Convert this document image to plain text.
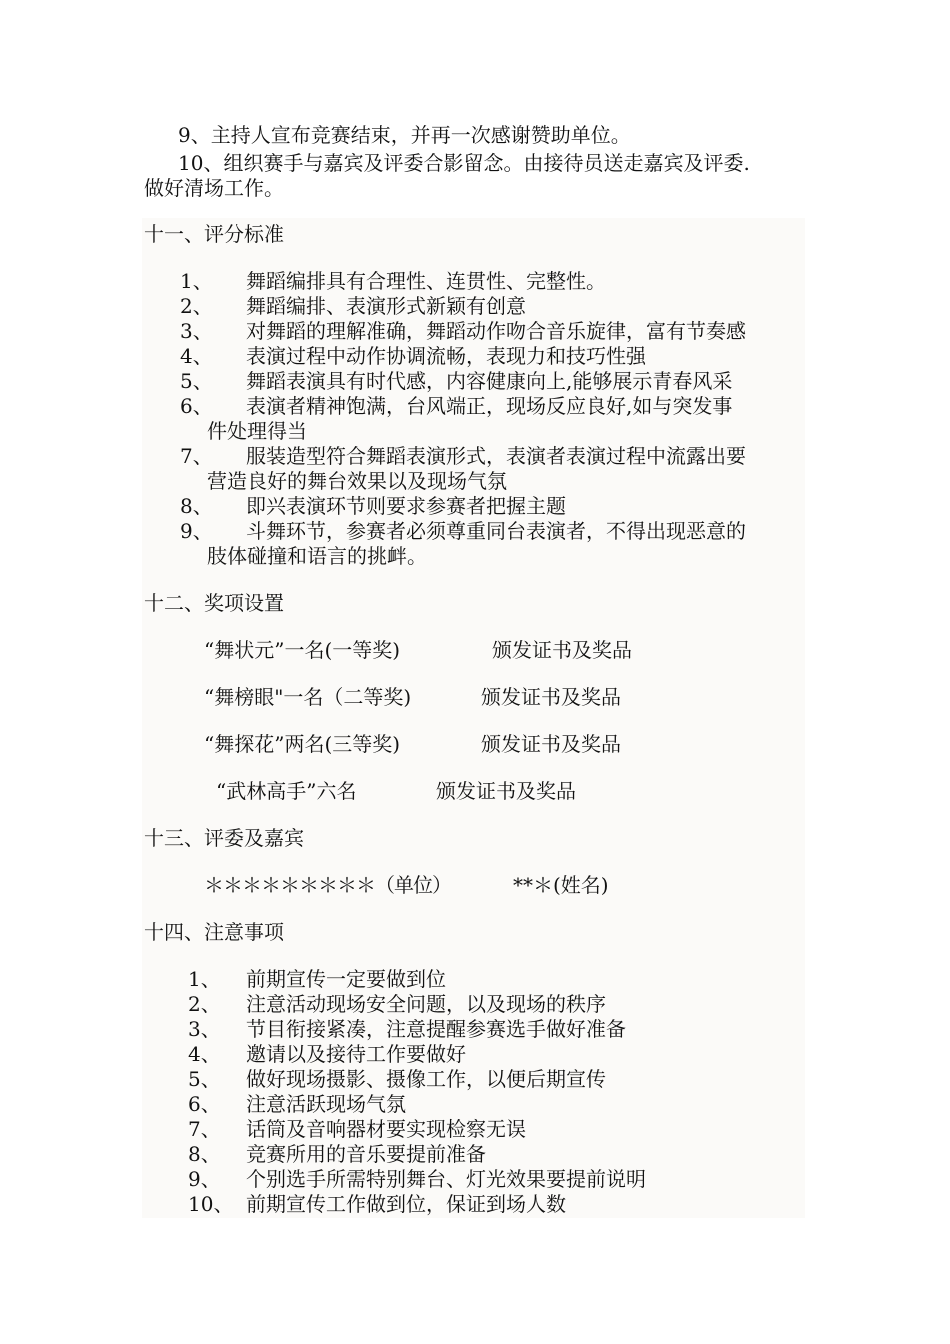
9、主持人宣布竞赛结束，并再一次感谢赞助单位。
10、组织赛手与嘉宾及评委合影留念。由接待员送走嘉宾及评委.
做好清场工作。
十一、评分标准
1、 舞蹈编排具有合理性、连贯性、完整性。
2、 舞蹈编排、表演形式新颖有创意
3、 对舞蹈的理解准确，舞蹈动作吻合音乐旋律，富有节奏感
4、 表演过程中动作协调流畅，表现力和技巧性强
5、 舞蹈表演具有时代感，内容健康向上,能够展示青春风采
6、 表演者精神饱满，台风端正，现场反应良好,如与突发事
件处理得当
7、 服装造型符合舞蹈表演形式，表演者表演过程中流露出要
营造良好的舞台效果以及现场气氛
8、 即兴表演环节则要求参赛者把握主题
9、 斗舞环节，参赛者必须尊重同台表演者，不得出现恶意的
肢体碰撞和语言的挑衅。
十二、奖项设置
“舞状元”一名(一等奖)	颁发证书及奖品
“舞榜眼"一名（二等奖)	颁发证书及奖品
“舞探花”两名(三等奖)	颁发证书及奖品
“武林高手”六名	颁发证书及奖品
十三、评委及嘉宾
＊＊＊＊＊＊＊＊＊（单位）	**＊(姓名)
十四、注意事项
1、 前期宣传一定要做到位
2、 注意活动现场安全问题，以及现场的秩序
3、 节目衔接紧凑，注意提醒参赛选手做好准备
4、 邀请以及接待工作要做好
5、 做好现场摄影、摄像工作，以便后期宣传
6、 注意活跃现场气氛
7、 话筒及音响器材要实现检察无误
8、 竞赛所用的音乐要提前准备
9、 个别选手所需特别舞台、灯光效果要提前说明
10、 前期宣传工作做到位，保证到场人数
